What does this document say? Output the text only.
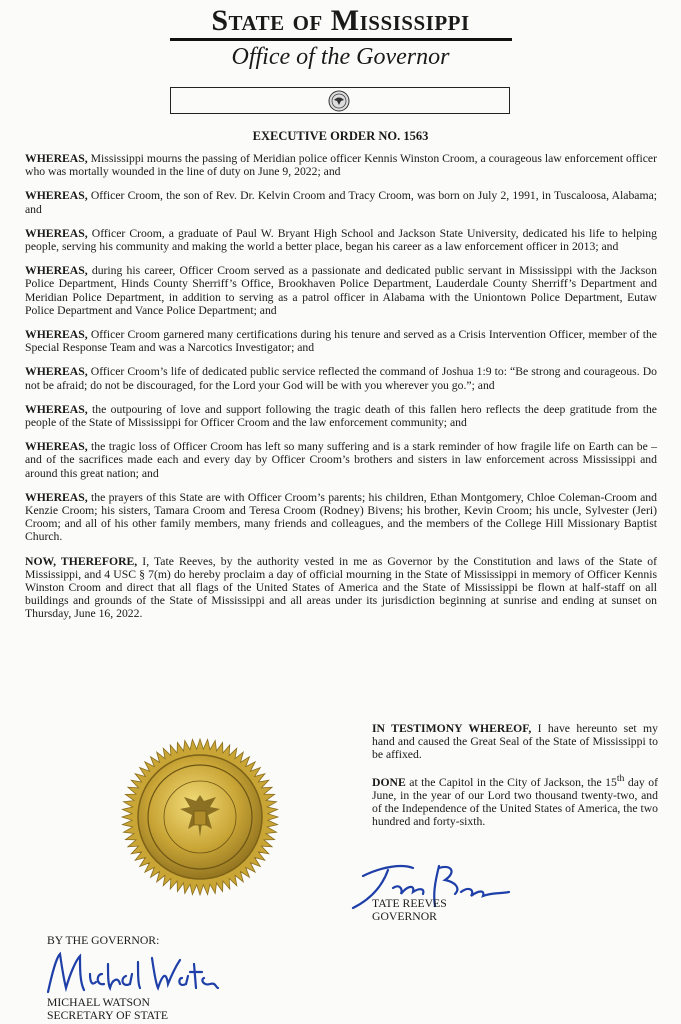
State of Mississippi
Office of the Governor
EXECUTIVE ORDER NO. 1563

WHEREAS, Mississippi mourns the passing of Meridian police officer Kennis Winston Croom, a courageous law enforcement officer who was mortally wounded in the line of duty on June 9, 2022; and

WHEREAS, Officer Croom, the son of Rev. Dr. Kelvin Croom and Tracy Croom, was born on July 2, 1991, in Tuscaloosa, Alabama; and

WHEREAS, Officer Croom, a graduate of Paul W. Bryant High School and Jackson State University, dedicated his life to helping people, serving his community and making the world a better place, began his career as a law enforcement officer in 2013; and

WHEREAS, during his career, Officer Croom served as a passionate and dedicated public servant in Mississippi with the Jackson Police Department, Hinds County Sherriff’s Office, Brookhaven Police Department, Lauderdale County Sherriff’s Department and Meridian Police Department, in addition to serving as a patrol officer in Alabama with the Uniontown Police Department, Eutaw Police Department and Vance Police Department; and

WHEREAS, Officer Croom garnered many certifications during his tenure and served as a Crisis Intervention Officer, member of the Special Response Team and was a Narcotics Investigator; and

WHEREAS, Officer Croom’s life of dedicated public service reflected the command of Joshua 1:9 to: “Be strong and courageous. Do not be afraid; do not be discouraged, for the Lord your God will be with you wherever you go.”; and

WHEREAS, the outpouring of love and support following the tragic death of this fallen hero reflects the deep gratitude from the people of the State of Mississippi for Officer Croom and the law enforcement community; and

WHEREAS, the tragic loss of Officer Croom has left so many suffering and is a stark reminder of how fragile life on Earth can be – and of the sacrifices made each and every day by Officer Croom’s brothers and sisters in law enforcement across Mississippi and around this great nation; and

WHEREAS, the prayers of this State are with Officer Croom’s parents; his children, Ethan Montgomery, Chloe Coleman-Croom and Kenzie Croom; his sisters, Tamara Croom and Teresa Croom (Rodney) Bivens; his brother, Kevin Croom; his uncle, Sylvester (Jeri) Croom; and all of his other family members, many friends and colleagues, and the members of the College Hill Missionary Baptist Church.

NOW, THEREFORE, I, Tate Reeves, by the authority vested in me as Governor by the Constitution and laws of the State of Mississippi, and 4 USC § 7(m) do hereby proclaim a day of official mourning in the State of Mississippi in memory of Officer Kennis Winston Croom and direct that all flags of the United States of America and the State of Mississippi be flown at half-staff on all buildings and grounds of the State of Mississippi and all areas under its jurisdiction beginning at sunrise and ending at sunset on Thursday, June 16, 2022.

IN TESTIMONY WHEREOF, I have hereunto set my hand and caused the Great Seal of the State of Mississippi to be affixed.

DONE at the Capitol in the City of Jackson, the 15th day of June, in the year of our Lord two thousand twenty-two, and of the Independence of the United States of America, the two hundred and forty-sixth.

TATE REEVES
GOVERNOR
BY THE GOVERNOR:
MICHAEL WATSON
SECRETARY OF STATE
